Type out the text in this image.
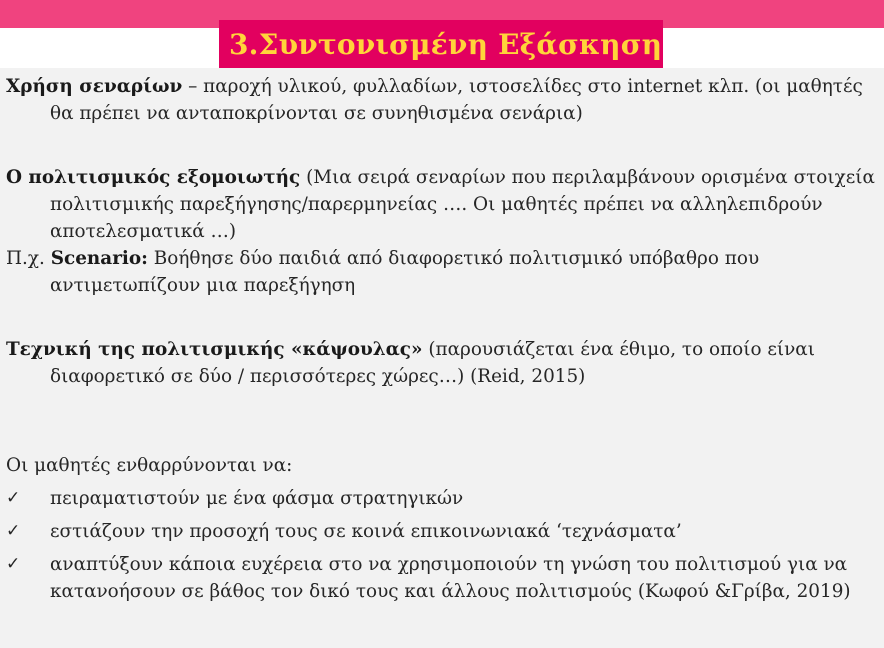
3.Συντονισμένη Εξάσκηση

Χρήση σεναρίων – παροχή υλικού, φυλλαδίων, ιστοσελίδες στο internet κλπ. (οι μαθητές θα πρέπει να ανταποκρίνονται σε συνηθισμένα σενάρια)

Ο πολιτισμικός εξομοιωτής (Μια σειρά σεναρίων που περιλαμβάνουν ορισμένα στοιχεία πολιτισμικής παρεξήγησης/παρερμηνείας …. Οι μαθητές πρέπει να αλληλεπιδρούν αποτελεσματικά …)

Π.χ. Scenario: Βοήθησε δύο παιδιά από διαφορετικό πολιτισμικό υπόβαθρο που αντιμετωπίζουν μια παρεξήγηση

Τεχνική της πολιτισμικής «κάψουλας» (παρουσιάζεται ένα έθιμο, το οποίο είναι διαφορετικό σε δύο / περισσότερες χώρες…) (Reid, 2015)

Οι μαθητές ενθαρρύνονται να:

✓ πειραματιστούν με ένα φάσμα στρατηγικών
✓ εστιάζουν την προσοχή τους σε κοινά επικοινωνιακά ‘τεχνάσματα’
✓ αναπτύξουν κάποια ευχέρεια στο να χρησιμοποιούν τη γνώση του πολιτισμού για να κατανοήσουν σε βάθος τον δικό τους και άλλους πολιτισμούς (Κωφού &Γρίβα, 2019)
